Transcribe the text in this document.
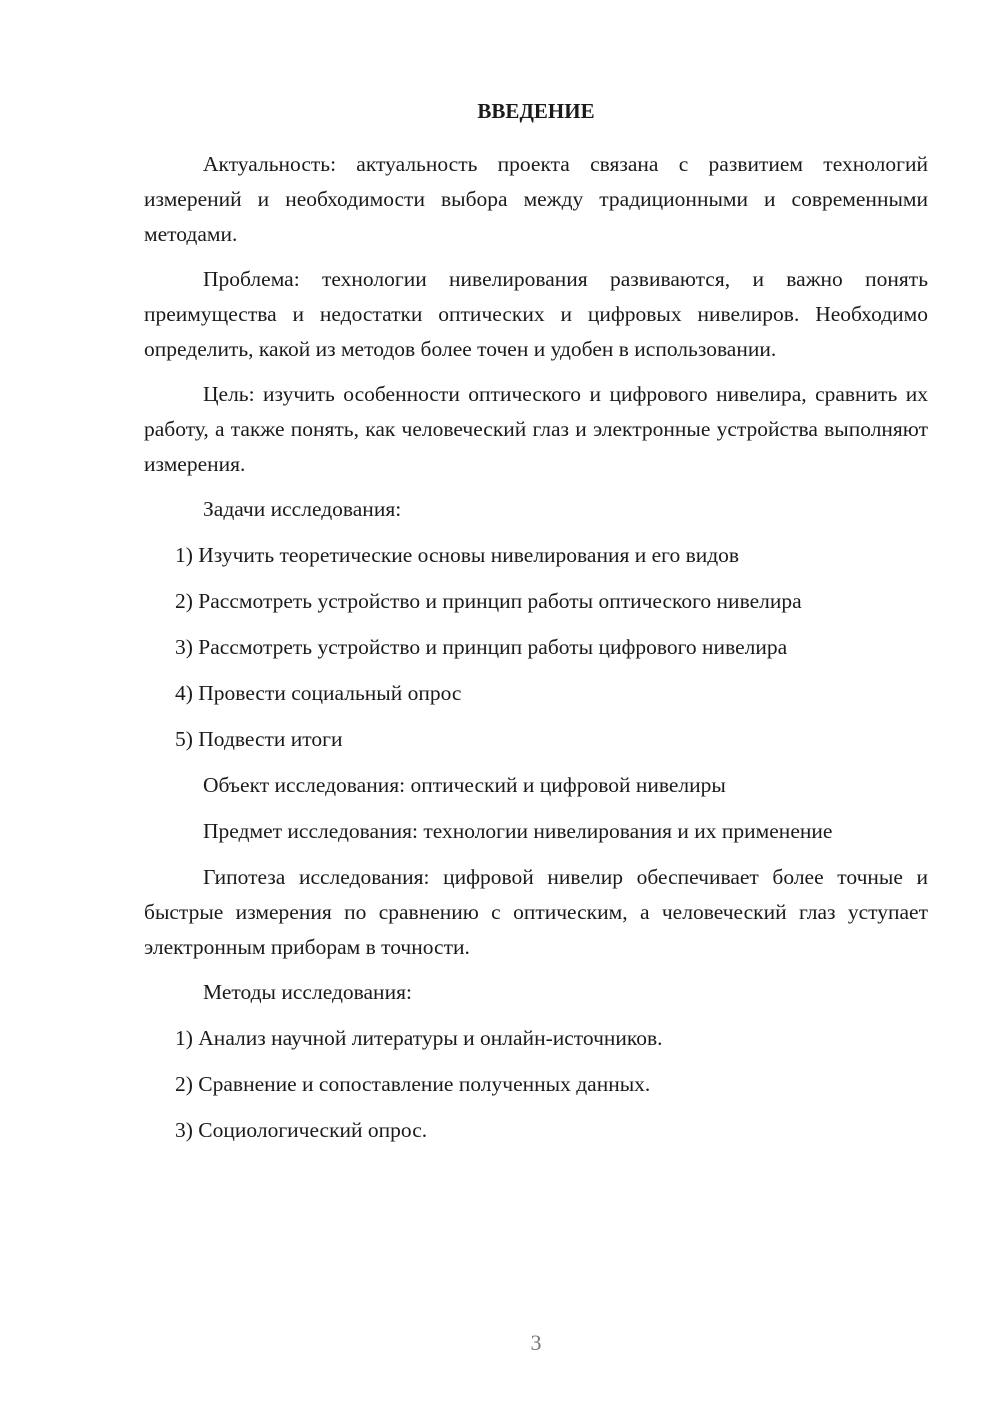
ВВЕДЕНИЕ

Актуальность: актуальность проекта связана с развитием технологий измерений и необходимости выбора между традиционными и современными методами.

Проблема: технологии нивелирования развиваются, и важно понять преимущества и недостатки оптических и цифровых нивелиров. Необходимо определить, какой из методов более точен и удобен в использовании.

Цель: изучить особенности оптического и цифрового нивелира, сравнить их работу, а также понять, как человеческий глаз и электронные устройства выполняют измерения.

Задачи исследования:

1) Изучить теоретические основы нивелирования и его видов
2) Рассмотреть устройство и принцип работы оптического нивелира
3) Рассмотреть устройство и принцип работы цифрового нивелира
4) Провести социальный опрос
5) Подвести итоги

Объект исследования: оптический и цифровой нивелиры

Предмет исследования: технологии нивелирования и их применение

Гипотеза исследования: цифровой нивелир обеспечивает более точные и быстрые измерения по сравнению с оптическим, а человеческий глаз уступает электронным приборам в точности.

Методы исследования:

1) Анализ научной литературы и онлайн-источников.
2) Сравнение и сопоставление полученных данных.
3) Социологический опрос.
3
